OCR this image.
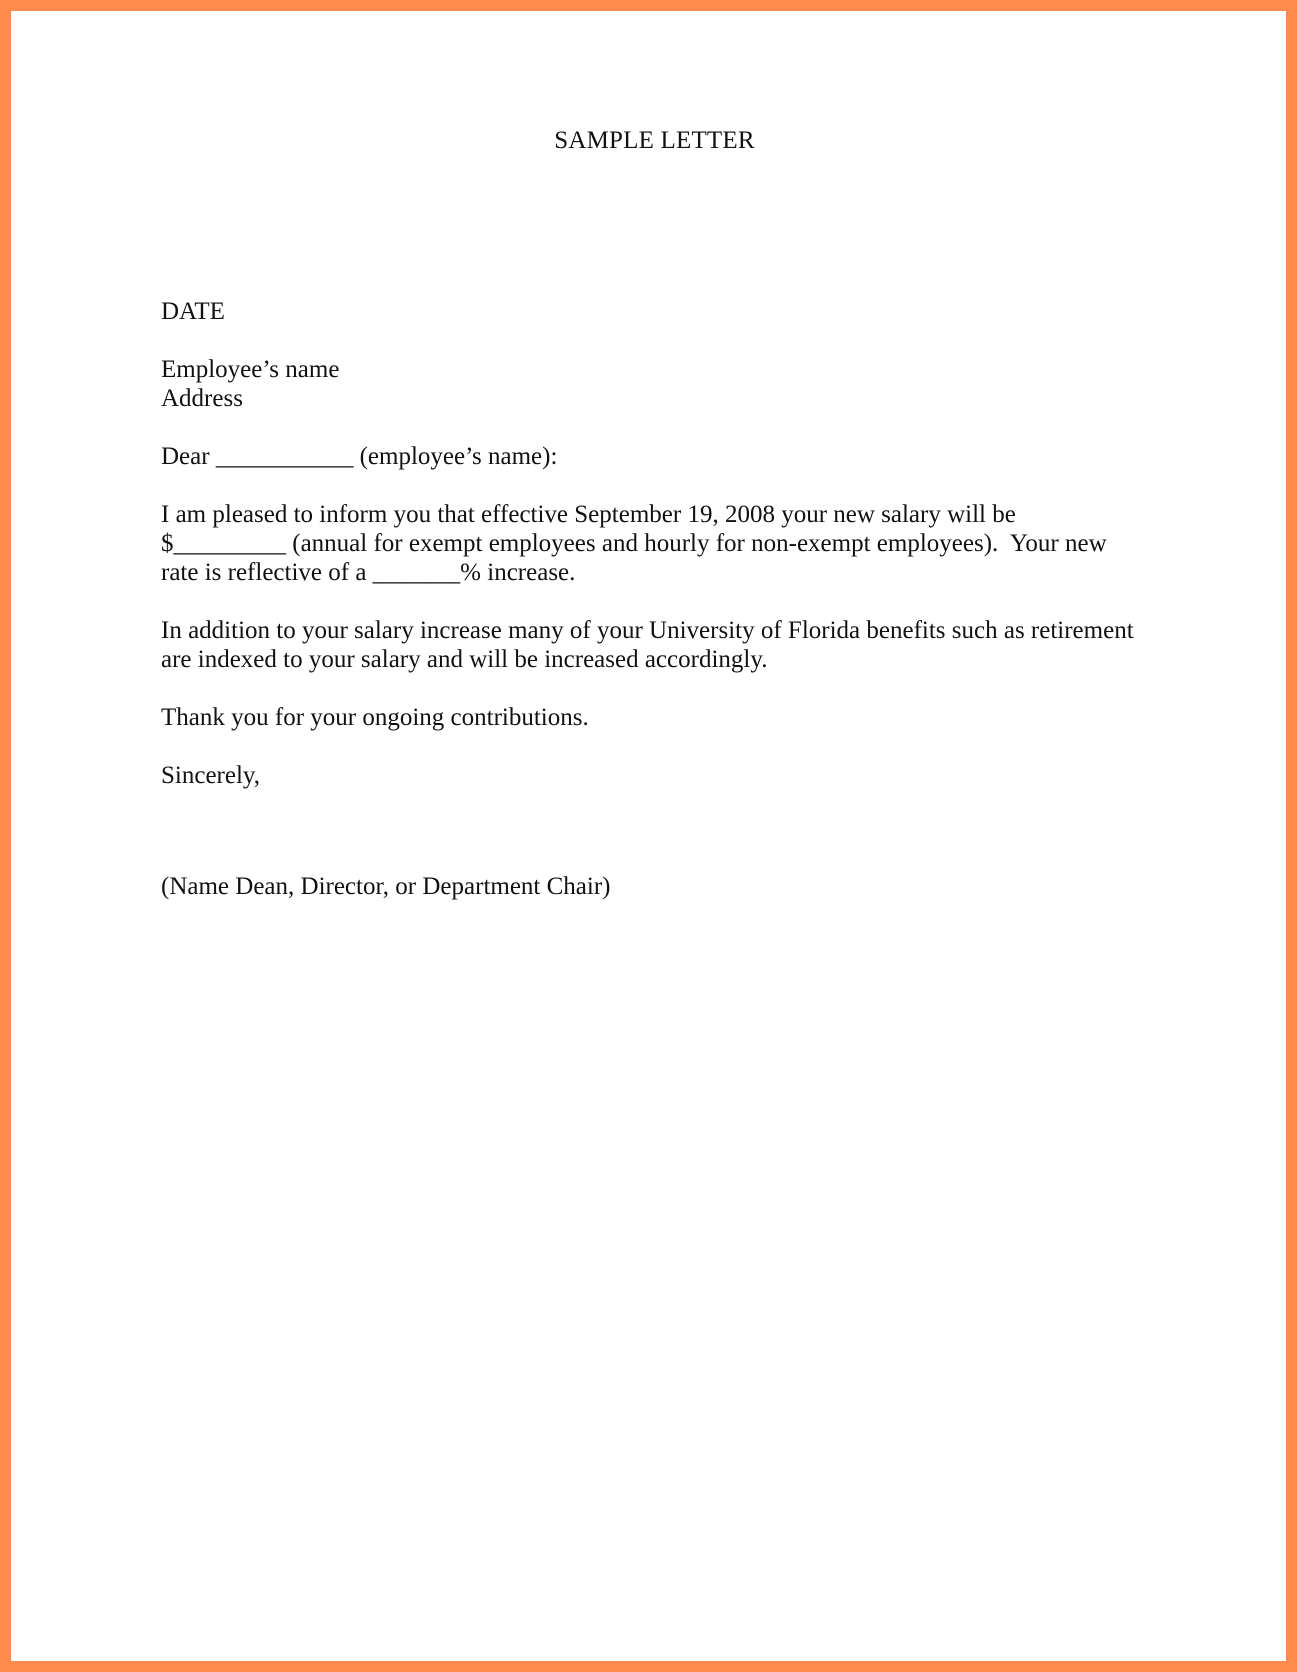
SAMPLE LETTER
DATE
Employee’s name
Address
Dear ___________ (employee’s name):
I am pleased to inform you that effective September 19, 2008 your new salary will be
$_________ (annual for exempt employees and hourly for non-exempt employees).  Your new
rate is reflective of a _______% increase.
In addition to your salary increase many of your University of Florida benefits such as retirement
are indexed to your salary and will be increased accordingly.
Thank you for your ongoing contributions.
Sincerely,
(Name Dean, Director, or Department Chair)
